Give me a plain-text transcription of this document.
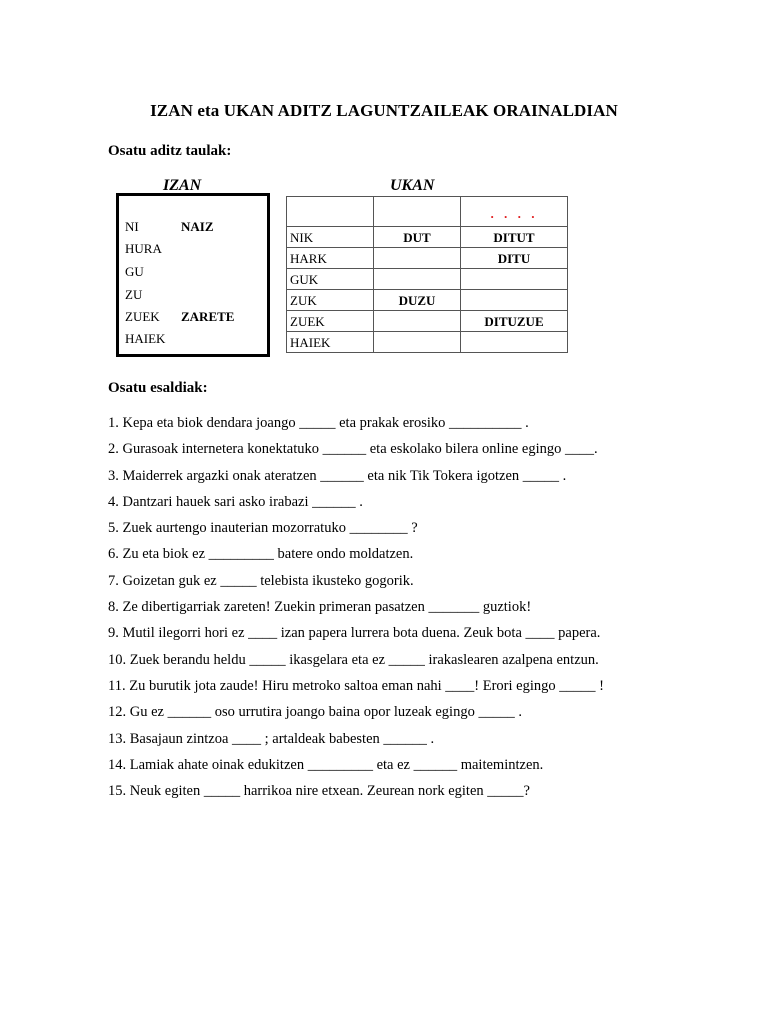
IZAN eta UKAN ADITZ LAGUNTZAILEAK ORAINALDIAN
Osatu aditz taulak:
IZAN	UKAN
NI	NAIZ
HURA
GU
ZU
ZUEK ZARETE
HAIEK
		· · · ·
NIK	DUT	DITUT
HARK		DITU
GUK		
ZUK	DUZU	
ZUEK		DITUZUE
HAIEK		
Osatu esaldiak:
1. Kepa eta biok dendara joango _____ eta prakak erosiko __________ .
2. Gurasoak internetera konektatuko ______ eta eskolako bilera online egingo ____.
3. Maiderrek argazki onak ateratzen ______ eta nik Tik Tokera igotzen _____ .
4. Dantzari hauek sari asko irabazi ______ .
5. Zuek aurtengo inauterian mozorratuko ________ ?
6. Zu eta biok ez _________ batere ondo moldatzen.
7. Goizetan guk ez _____ telebista ikusteko gogorik.
8. Ze dibertigarriak zareten! Zuekin primeran pasatzen _______ guztiok!
9. Mutil ilegorri hori ez ____ izan papera lurrera bota duena. Zeuk bota ____ papera.
10. Zuek berandu heldu _____ ikasgelara eta ez _____ irakaslearen azalpena entzun.
11. Zu burutik jota zaude! Hiru metroko saltoa eman nahi ____! Erori egingo _____ !
12. Gu ez ______ oso urrutira joango baina opor luzeak egingo _____ .
13. Basajaun zintzoa ____ ; artaldeak babesten ______ .
14. Lamiak ahate oinak edukitzen _________ eta ez ______ maitemintzen.
15. Neuk egiten _____ harrikoa nire etxean. Zeurean nork egiten _____?
